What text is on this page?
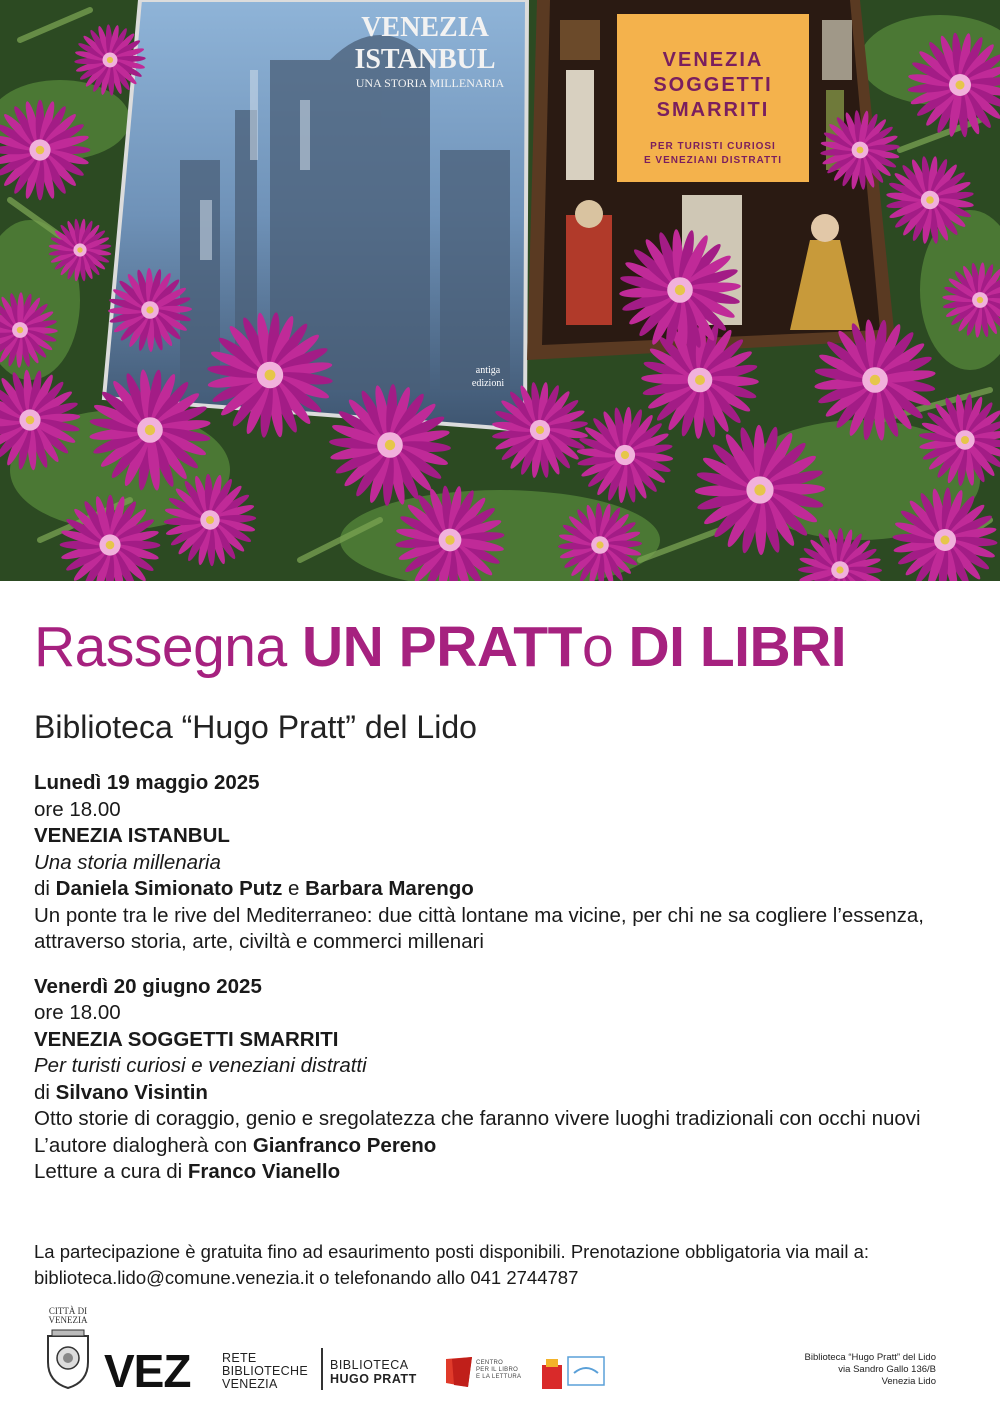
VENEZIA
ISTANBUL
UNA STORIA MILLENARIA
antiga
edizioni
VENEZIA
SOGGETTI
SMARRITI
PER TURISTI CURIOSI
E VENEZIANI DISTRATTI
Rassegna UN PRATTo DI LIBRI
Biblioteca “Hugo Pratt” del Lido

Lunedì 19 maggio 2025

ore 18.00

VENEZIA ISTANBUL

Una storia millenaria

di Daniela Simionato Putz e Barbara Marengo

Un ponte tra le rive del Mediterraneo: due città lontane ma vicine, per chi ne sa cogliere l’essenza,

attraverso storia, arte, civiltà e commerci millenari

Venerdì 20 giugno 2025

ore 18.00

VENEZIA SOGGETTI SMARRITI

Per turisti curiosi e veneziani distratti

di Silvano Visintin

Otto storie di coraggio, genio e sregolatezza che faranno vivere luoghi tradizionali con occhi nuovi

L’autore dialogherà con Gianfranco Pereno

Letture a cura di Franco Vianello

La partecipazione è gratuita fino ad esaurimento posti disponibili. Prenotazione obbligatoria via mail a:

biblioteca.lido@comune.venezia.it o telefonando allo 041 2744787

CITTÀ DI
VENEZIA
VEZ	RETE
BIBLIOTECHE
VENEZIA
BIBLIOTECA
HUGO PRATT
CENTRO
PER IL LIBRO
E LA LETTURA
Biblioteca “Hugo Pratt” del Lido
via Sandro Gallo 136/B
Venezia Lido
